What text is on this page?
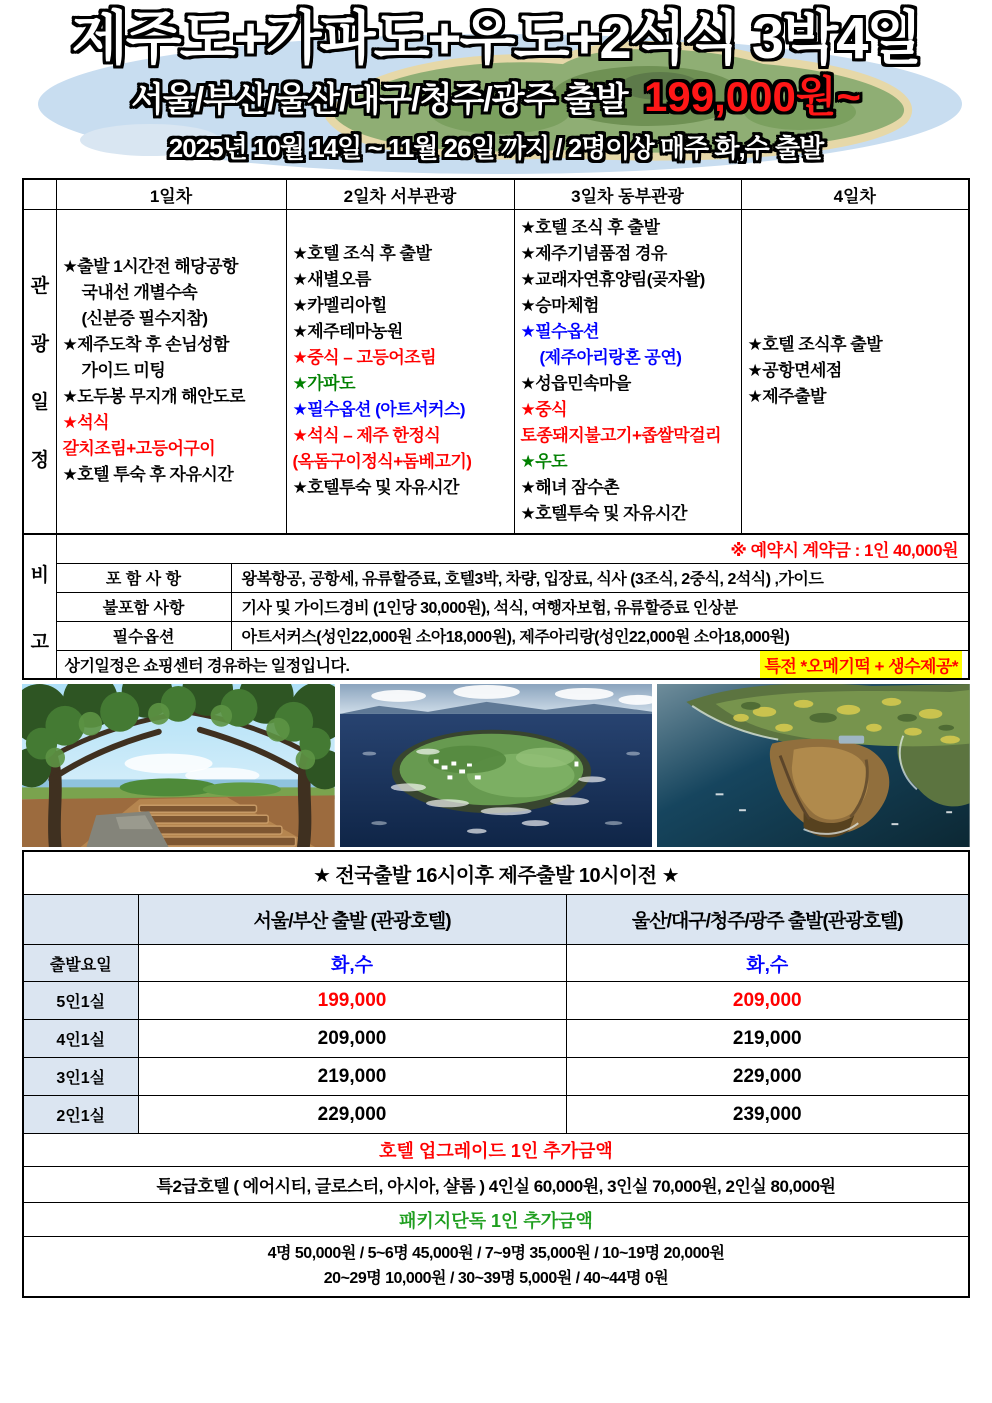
제주도+가파도+우도+2석식 3박4일
서울/부산/울산/대구/청주/광주 출발 199,000원~
2025년 10월 14일 ~ 11월 26일 까지 / 2명이상 매주 화,수 출발
	1일차	2일차 서부관광	3일차 동부관광	4일차

관
광
일
정

★출발 1시간전 해당공항
국내선 개별수속
(신분증 필수지참)
★제주도착 후 손님성함
가이드 미팅
★도두봉 무지개 해안도로
★석식
갈치조림+고등어구이
★호텔 투숙 후 자유시간

★호텔 조식 후 출발
★새별오름
★카멜리아힐
★제주테마농원
★중식 – 고등어조림
★가파도
★필수옵션 (아트서커스)
★석식 – 제주 한정식
(옥돔구이정식+돔베고기)
★호텔투숙 및 자유시간

★호텔 조식 후 출발
★제주기념품점 경유
★교래자연휴양림(곶자왈)
★승마체험
★필수옵션
(제주아리랑혼 공연)
★성읍민속마을
★중식
토종돼지불고기+좁쌀막걸리
★우도
★해녀 잠수촌
★호텔투숙 및 자유시간

★호텔 조식후 출발
★공항면세점
★제주출발
비
고	※ 예약시 계약금 : 1인 40,000원	
	포 함 사 항	왕복항공, 공항세, 유류할증료, 호텔3박, 차량, 입장료, 식사 (3조식, 2중식, 2석식) ,가이드
	불포함 사항	기사 및 가이드경비 (1인당 30,000원), 석식, 여행자보험, 유류할증료 인상분
	필수옵션	아트서커스(성인22,000원 소아18,000원), 제주아리랑(성인22,000원 소아18,000원)

	상기일정은 쇼핑센터 경유하는 일정입니다. 특전 *오메기떡 + 생수제공*	
★ 전국출발 16시이후 제주출발 10시이전 ★		
	서울/부산 출발 (관광호텔)	울산/대구/청주/광주 출발(관광호텔)
출발요일	화,수	화,수
5인1실	199,000	209,000
4인1실	209,000	219,000
3인1실	219,000	229,000
2인1실	229,000	239,000
호텔 업그레이드 1인 추가금액		
특2급호텔 ( 에어시티, 글로스터, 아시아, 샬롬 ) 4인실 60,000원, 3인실 70,000원, 2인실 80,000원		
패키지단독 1인 추가금액		

4명 50,000원 / 5~6명 45,000원 / 7~9명 35,000원 / 10~19명 20,000원
20~29명 10,000원 / 30~39명 5,000원 / 40~44명 0원		
